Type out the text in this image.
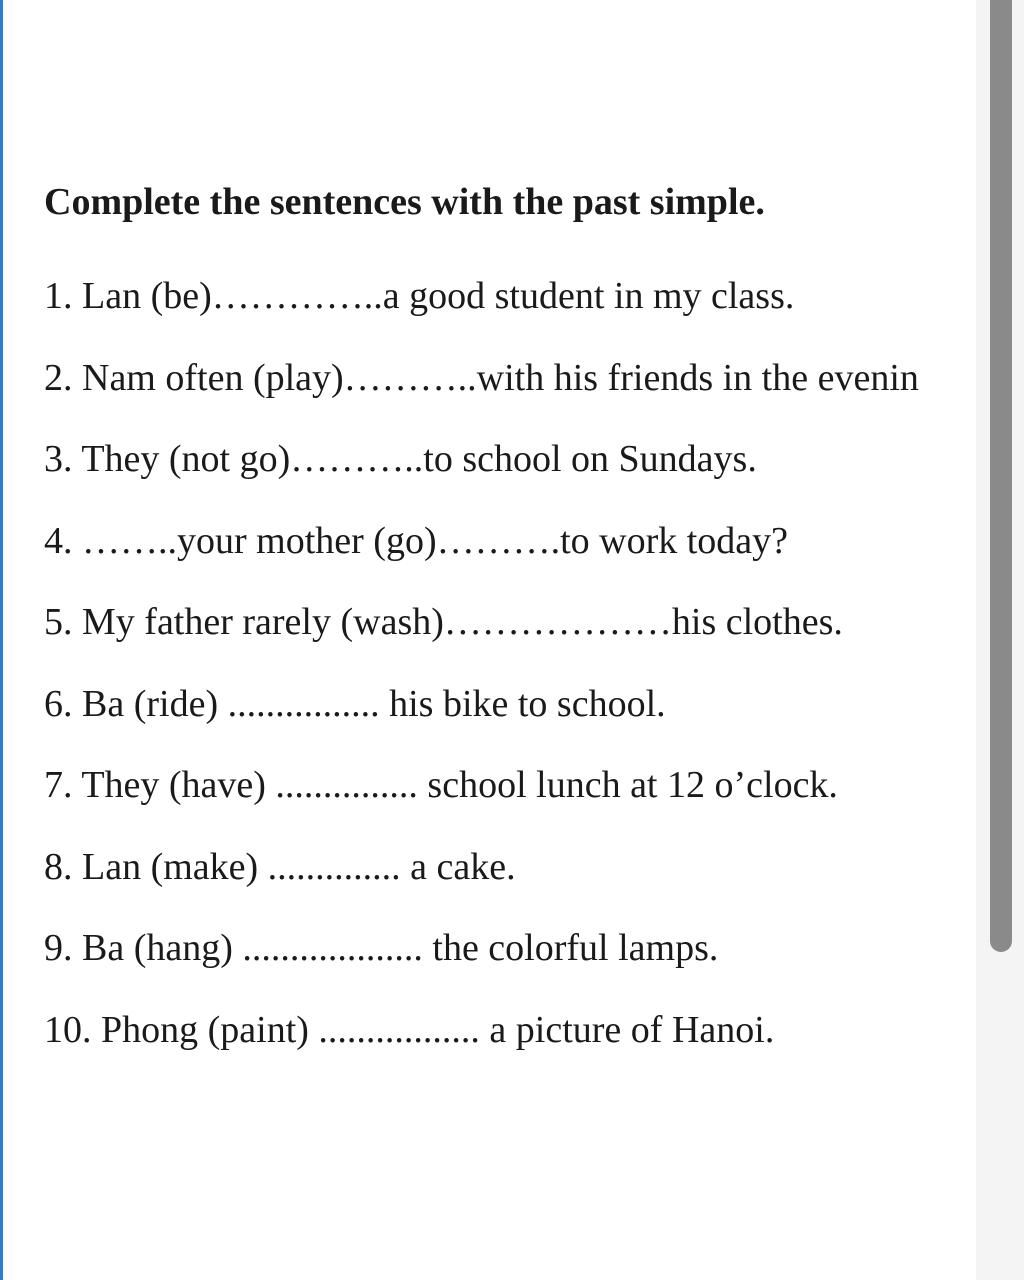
Complete the sentences with the past simple.
1. Lan (be)…………..a good student in my class.
2. Nam often (play)………..with his friends in the evenin
3. They (not go)………..to school on Sundays.
4. ……..your mother (go)……….to work today?
5. My father rarely (wash)………………his clothes.
6. Ba (ride) ................ his bike to school.
7. They (have) ............... school lunch at 12 o’clock.
8. Lan (make) .............. a cake.
9. Ba (hang) ................... the colorful lamps.
10. Phong (paint) ................. a picture of Hanoi.
